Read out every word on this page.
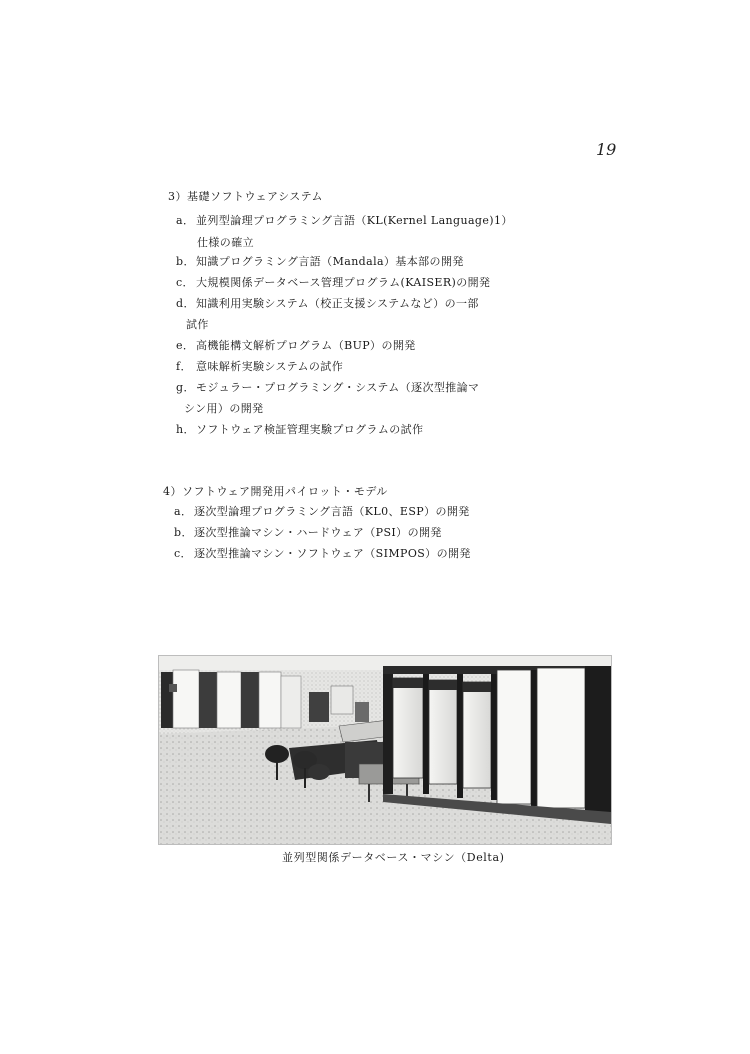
19
3）基礎ソフトウェアシステム
a． 並列型論理プログラミング言語（KL(Kernel Language)1）
仕様の確立
b．知識プログラミング言語（Mandala）基本部の開発
c． 大規模関係データベース管理プログラム(KAISER)の開発
d．知識利用実験システム（校正支援システムなど）の一部
試作
e． 高機能構文解析プログラム（BUP）の開発
f． 意味解析実験システムの試作
g．モジュラー・プログラミング・システム（逐次型推論マ
シン用）の開発
h．ソフトウェア検証管理実験プログラムの試作
4）ソフトウェア開発用パイロット・モデル
a． 逐次型論理プログラミング言語（KL0、ESP）の開発
b．逐次型推論マシン・ハードウェア（PSI）の開発
c． 逐次型推論マシン・ソフトウェア（SIMPOS）の開発
並列型関係データベース・マシン（Delta)
